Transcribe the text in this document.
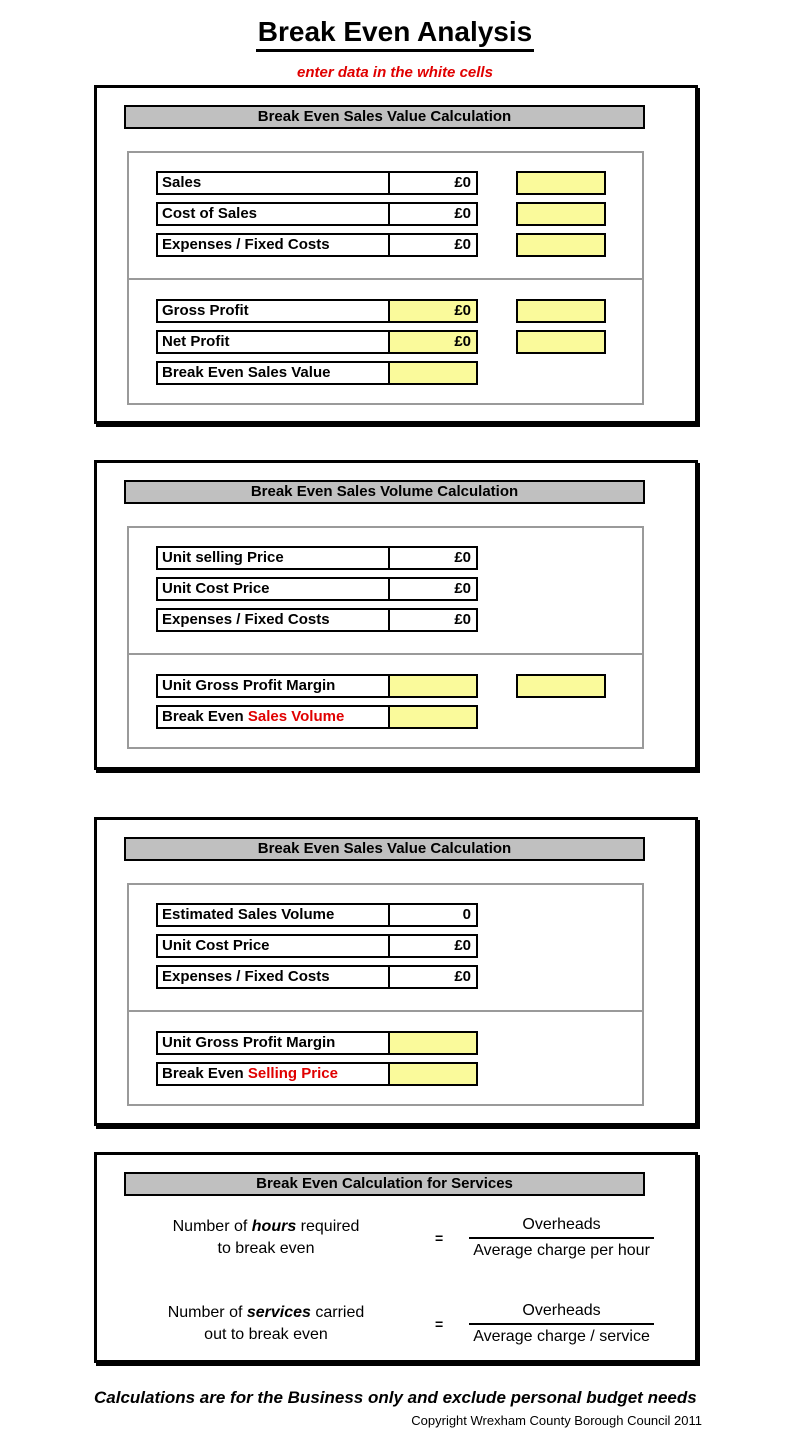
Break Even Analysis
enter data in the white cells
Break Even Sales Value Calculation
Sales	£0
Cost of Sales	£0
Expenses / Fixed Costs	£0
Gross Profit	£0
Net Profit	£0
Break Even Sales Value
Break Even Sales Volume Calculation
Unit selling Price	£0
Unit Cost Price	£0
Expenses / Fixed Costs	£0
Unit Gross Profit Margin
Break Even Sales Volume
Break Even Sales Value Calculation
Estimated Sales Volume	0
Unit Cost Price	£0
Expenses / Fixed Costs	£0
Unit Gross Profit Margin
Break Even Selling Price
Break Even Calculation for Services
Number of hours required
to break even
= $\frac{\text{Overheads}}{\text{Average charge per hour}}$
Number of services carried
out to break even
= $\frac{\text{Overheads}}{\text{Average charge / service}}$
Calculations are for the Business only and exclude personal budget needs
Copyright Wrexham County Borough Council 2011
